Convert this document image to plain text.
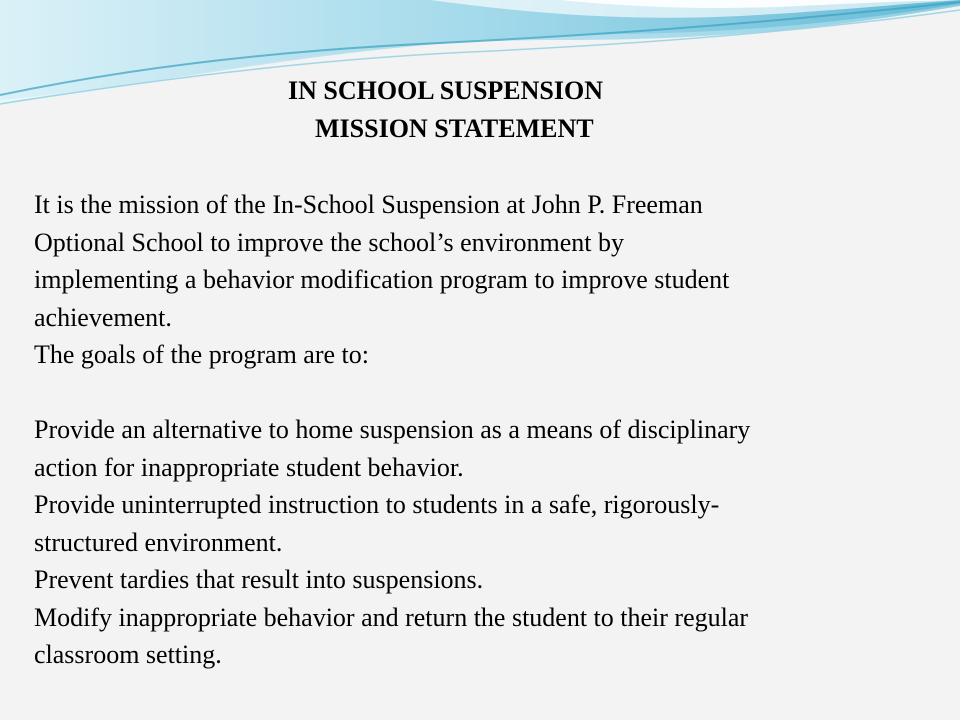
IN SCHOOL SUSPENSION
MISSION STATEMENT

It is the mission of the In-School Suspension at John P. Freeman

Optional School to improve the school’s environment by

implementing a behavior modification program to improve student

achievement.

The goals of the program are to:

Provide an alternative to home suspension as a means of disciplinary

action for inappropriate student behavior.

Provide uninterrupted instruction to students in a safe, rigorously-

structured environment.

Prevent tardies that result into suspensions.

Modify inappropriate behavior and return the student to their regular

classroom setting.
